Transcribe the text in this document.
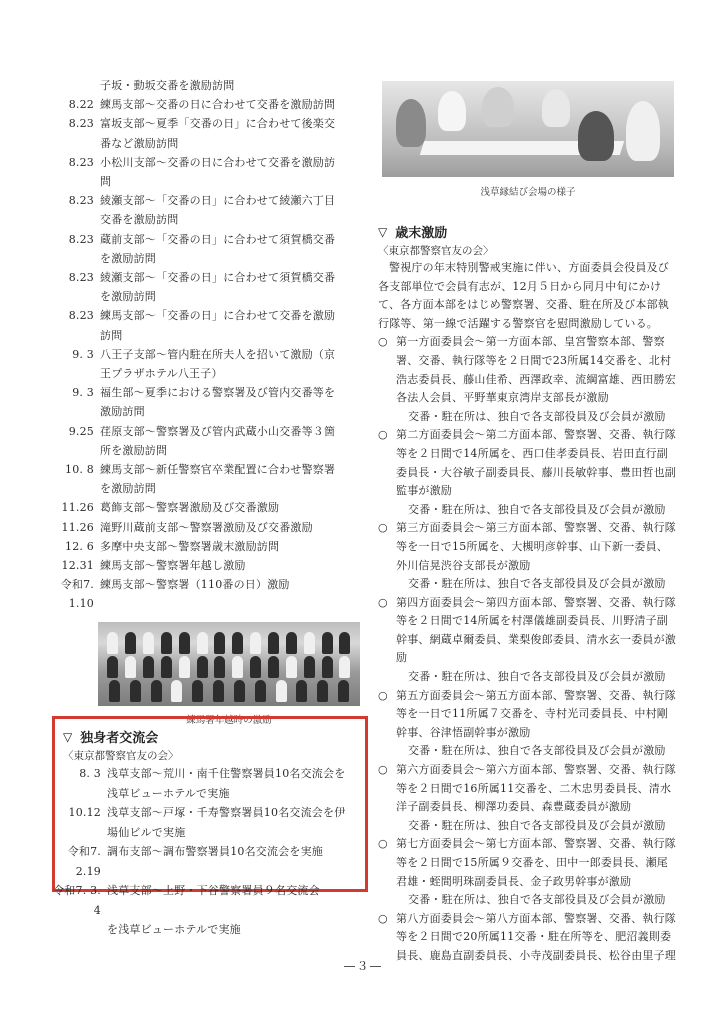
子坂・動坂交番を激励訪問
8.22 練馬支部～交番の日に合わせて交番を激励訪問
8.23 富坂支部～夏季「交番の日」に合わせて後楽交
番など激励訪問
8.23 小松川支部～交番の日に合わせて交番を激励訪
問
8.23 綾瀬支部～「交番の日」に合わせて綾瀬六丁目
交番を激励訪問
8.23 蔵前支部～「交番の日」に合わせて須賀橋交番
を激励訪問
8.23 綾瀬支部～「交番の日」に合わせて須賀橋交番
を激励訪問
8.23 練馬支部～「交番の日」に合わせて交番を激励
訪問
9. 3 八王子支部～管内駐在所夫人を招いて激励（京
王プラザホテル八王子）
9. 3 福生部～夏季における警察署及び管内交番等を
激励訪問
9.25 荏原支部～警察署及び管内武蔵小山交番等３箇
所を激励訪問
10. 8 練馬支部～新任警察官卒業配置に合わせ警察署
を激励訪問
11.26 葛飾支部～警察署激励及び交番激励
11.26 滝野川蔵前支部～警察署激励及び交番激励
12. 6 多摩中央支部～警察署歳末激励訪問
12.31 練馬支部～警察署年越し激励
令和7. 1.10
練馬支部～警察署（110番の日）激励
練馬署年越時の激励
▽ 独身者交流会
〈東京都警察官友の会〉
8. 3 浅草支部～荒川・南千住警察署員10名交流会を
浅草ビューホテルで実施
10.12 浅草支部～戸塚・千寿警察署員10名交流会を伊
場仙ビルで実施
令和7. 2.19
調布支部～調布警察署員10名交流会を実施
令和7. 3. 4
浅草支部～上野・下谷警察署員９名交流会
を浅草ビューホテルで実施
浅草縁結び会場の様子
▽ 歳末激励
〈東京都警察官友の会〉
警視庁の年末特別警戒実施に伴い、方面委員会役員及び各支部単位で会員有志が、12月５日から同月中旬にかけて、各方面本部をはじめ警察署、交番、駐在所及び本部執行隊等、第一線で活躍する警察官を慰問激励している。
○ 第一方面委員会～第一方面本部、皇宮警察本部、警察署、交番、執行隊等を２日間で23所属14交番を、北村浩志委員長、藤山佳希、西澤政幸、流綱富雄、西田勝宏各法人会員、平野華東京湾岸支部長が激励
交番・駐在所は、独自で各支部役員及び会員が激励
○ 第二方面委員会～第二方面本部、警察署、交番、執行隊等を２日間で14所属を、西口佳孝委員長、岩田直行副委員長・大谷敏子副委員長、藤川長敏幹事、豊田哲也副監事が激励
交番・駐在所は、独自で各支部役員及び会員が激励
○ 第三方面委員会～第三方面本部、警察署、交番、執行隊等を一日で15所属を、大槻明彦幹事、山下新一委員、外川信晃渋谷支部長が激励
交番・駐在所は、独自で各支部役員及び会員が激励
○ 第四方面委員会～第四方面本部、警察署、交番、執行隊等を２日間で14所属を村澤儀雄副委員長、川野清子副幹事、網蔵卓爾委員、業梨俊郎委員、清水玄一委員が激励
交番・駐在所は、独自で各支部役員及び会員が激励
○ 第五方面委員会～第五方面本部、警察署、交番、執行隊等を一日で11所属７交番を、寺村光司委員長、中村剛幹事、谷津悟副幹事が激励
交番・駐在所は、独自で各支部役員及び会員が激励
○ 第六方面委員会～第六方面本部、警察署、交番、執行隊等を２日間で16所属11交番を、二木忠男委員長、清水洋子副委員長、柳澤功委員、森豊蔵委員が激励
交番・駐在所は、独自で各支部役員及び会員が激励
○ 第七方面委員会～第七方面本部、警察署、交番、執行隊等を２日間で15所属９交番を、田中一郎委員長、瀬尾君雄・蛭間明珠副委員長、金子政男幹事が激励
交番・駐在所は、独自で各支部役員及び会員が激励
○ 第八方面委員会～第八方面本部、警察署、交番、執行隊等を２日間で20所属11交番・駐在所等を、肥沼義則委員長、鹿島直副委員長、小寺茂副委員長、松谷由里子理
—３—
